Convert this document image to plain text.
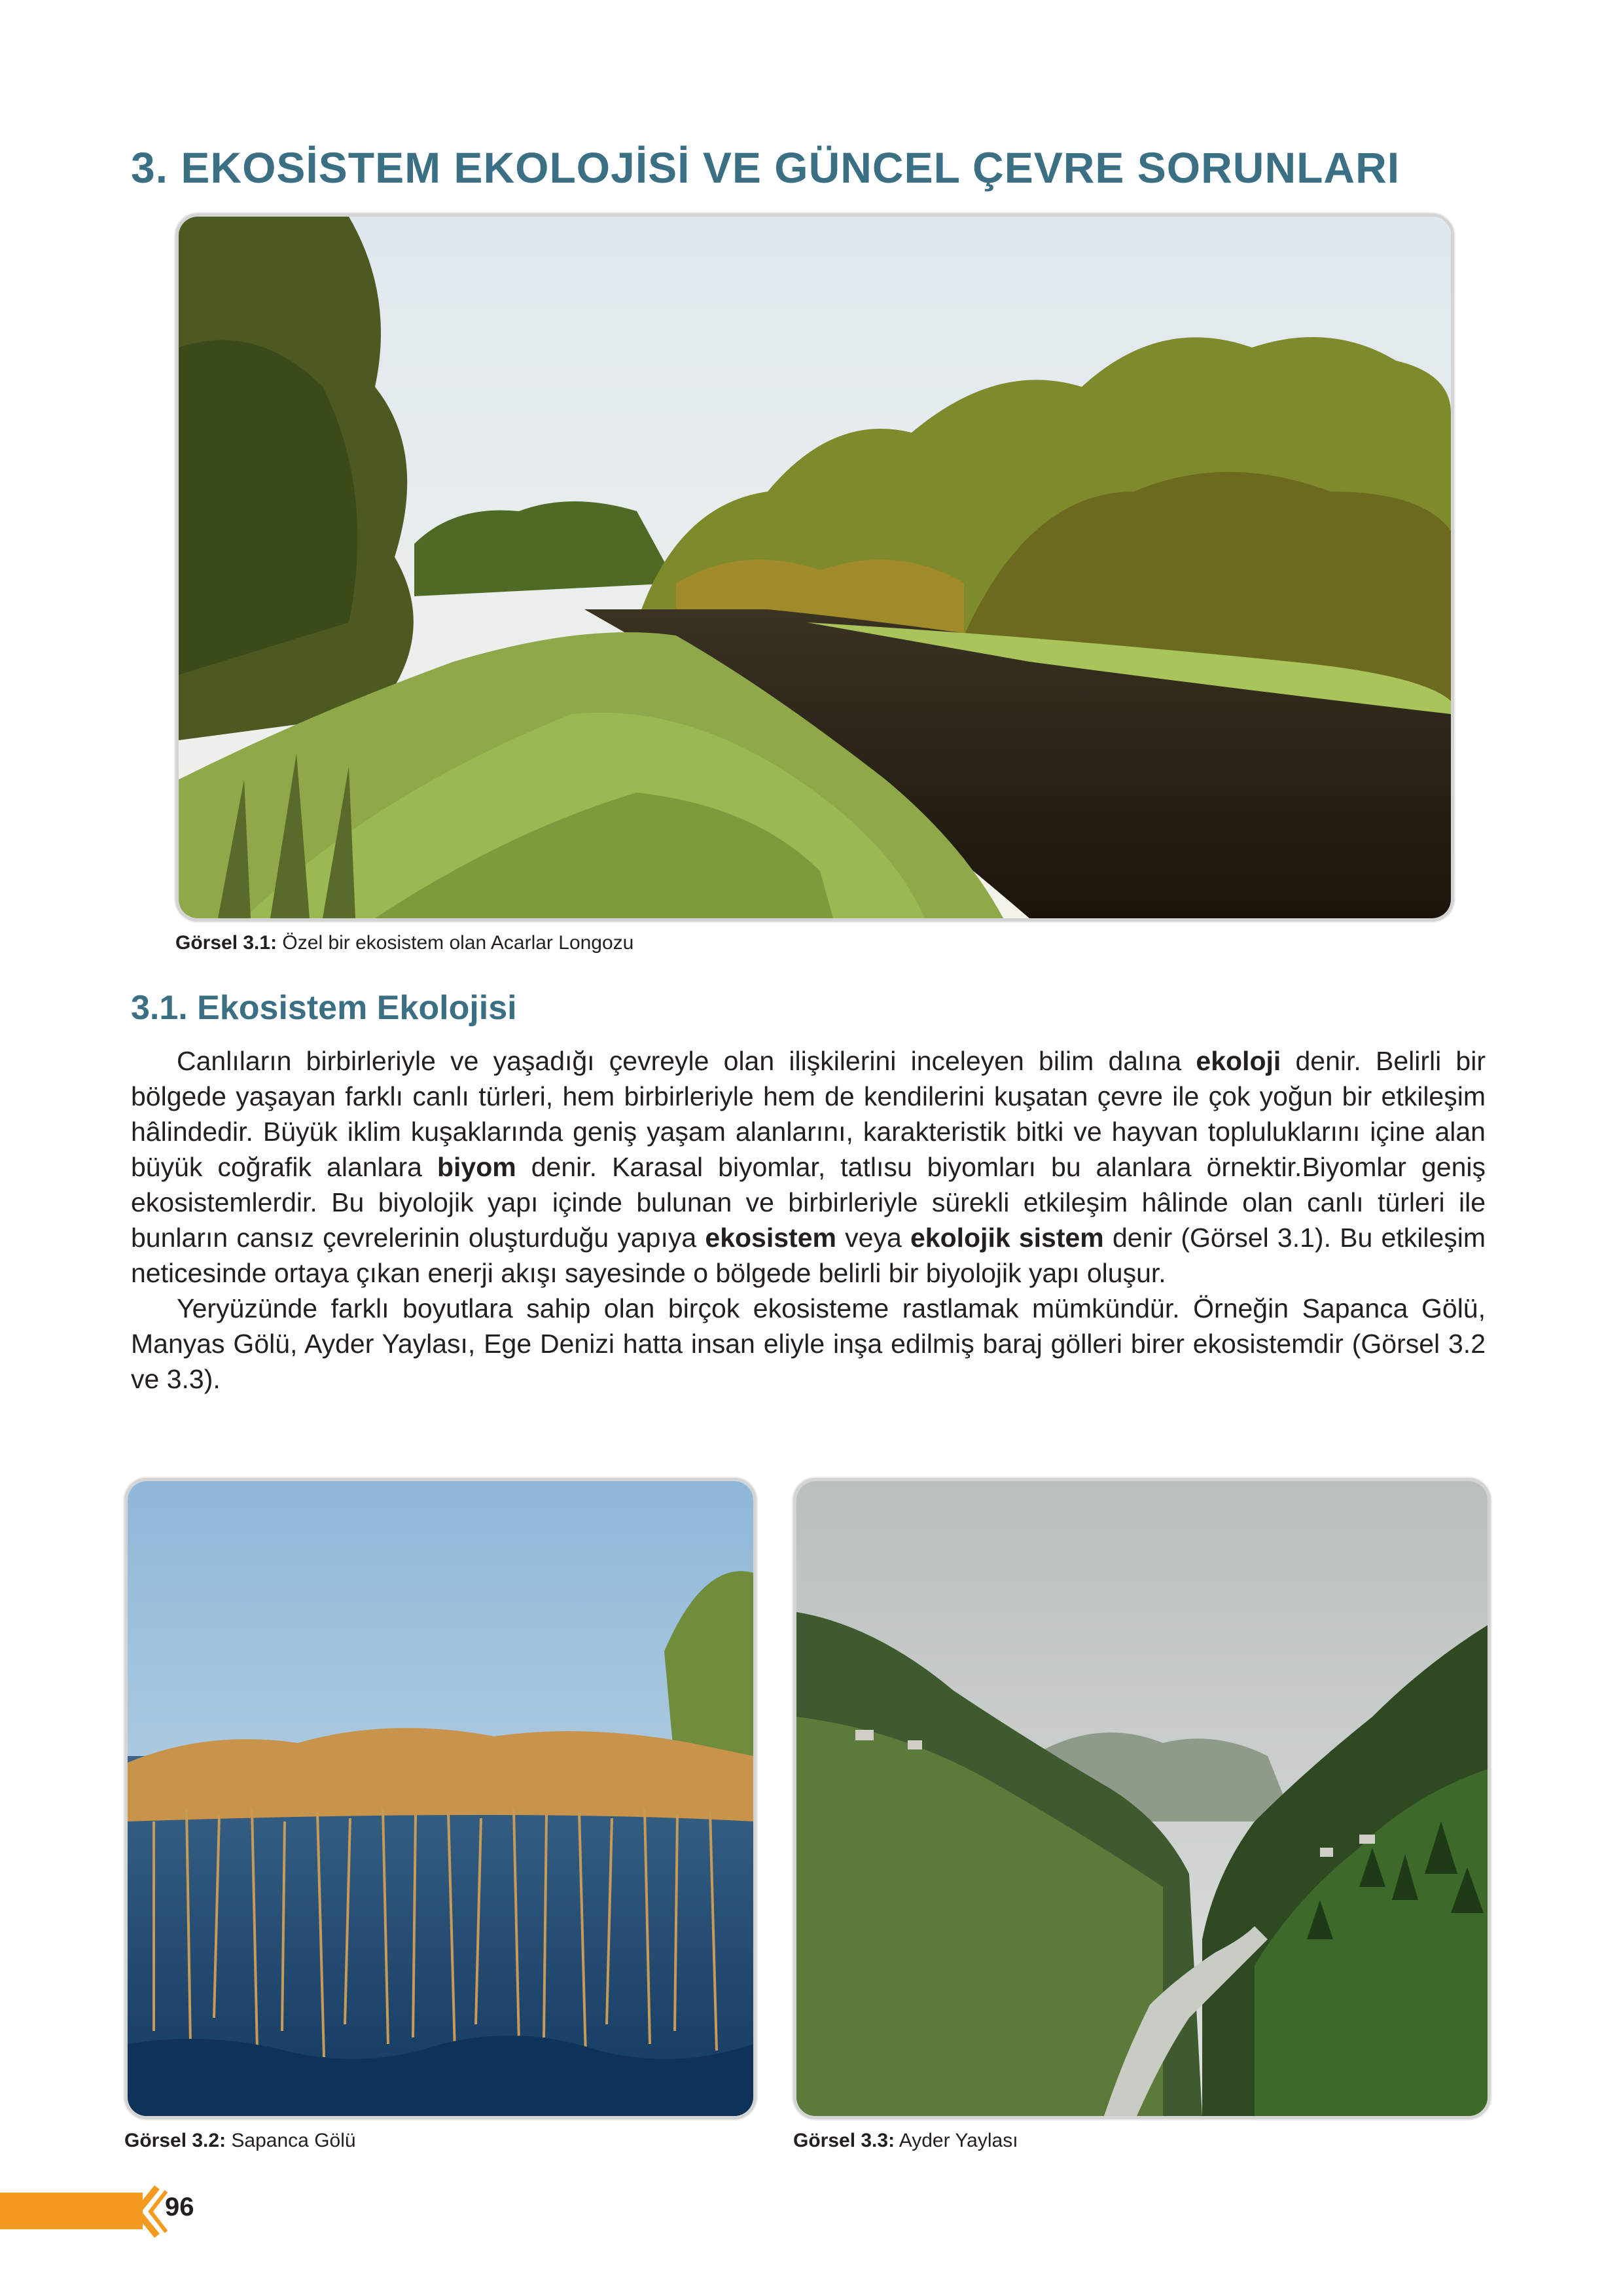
3. EKOSİSTEM EKOLOJİSİ VE GÜNCEL ÇEVRE SORUNLARI
Görsel 3.1: Özel bir ekosistem olan Acarlar Longozu
3.1. Ekosistem Ekolojisi

Canlıların birbirleriyle ve yaşadığı çevreyle olan ilişkilerini inceleyen bilim dalına ekoloji denir. Belirli bir bölgede yaşayan farklı canlı türleri, hem birbirleriyle hem de kendilerini kuşatan çevre ile çok yoğun bir etkileşim hâlindedir. Büyük iklim kuşaklarında geniş yaşam alanlarını, karakteristik bitki ve hayvan topluluklarını içine alan büyük coğrafik alanlara biyom denir. Karasal biyomlar, tatlısu biyomları bu alanlara örnektir.Biyomlar geniş ekosistemlerdir. Bu biyolojik yapı içinde bulunan ve birbirleriyle sürekli etkileşim hâlinde olan canlı türleri ile bunların cansız çevrelerinin oluşturduğu yapıya ekosistem veya ekolojik sistem denir (Görsel 3.1). Bu etkileşim neticesinde ortaya çıkan enerji akışı sayesinde o bölgede belirli bir biyolojik yapı oluşur.

Yeryüzünde farklı boyutlara sahip olan birçok ekosisteme rastlamak mümkündür. Örneğin Sapanca Gölü, Manyas Gölü, Ayder Yaylası, Ege Denizi hatta insan eliyle inşa edilmiş baraj gölleri birer ekosistemdir (Görsel 3.2 ve 3.3).

Görsel 3.2: Sapanca Gölü	Görsel 3.3: Ayder Yaylası
96
